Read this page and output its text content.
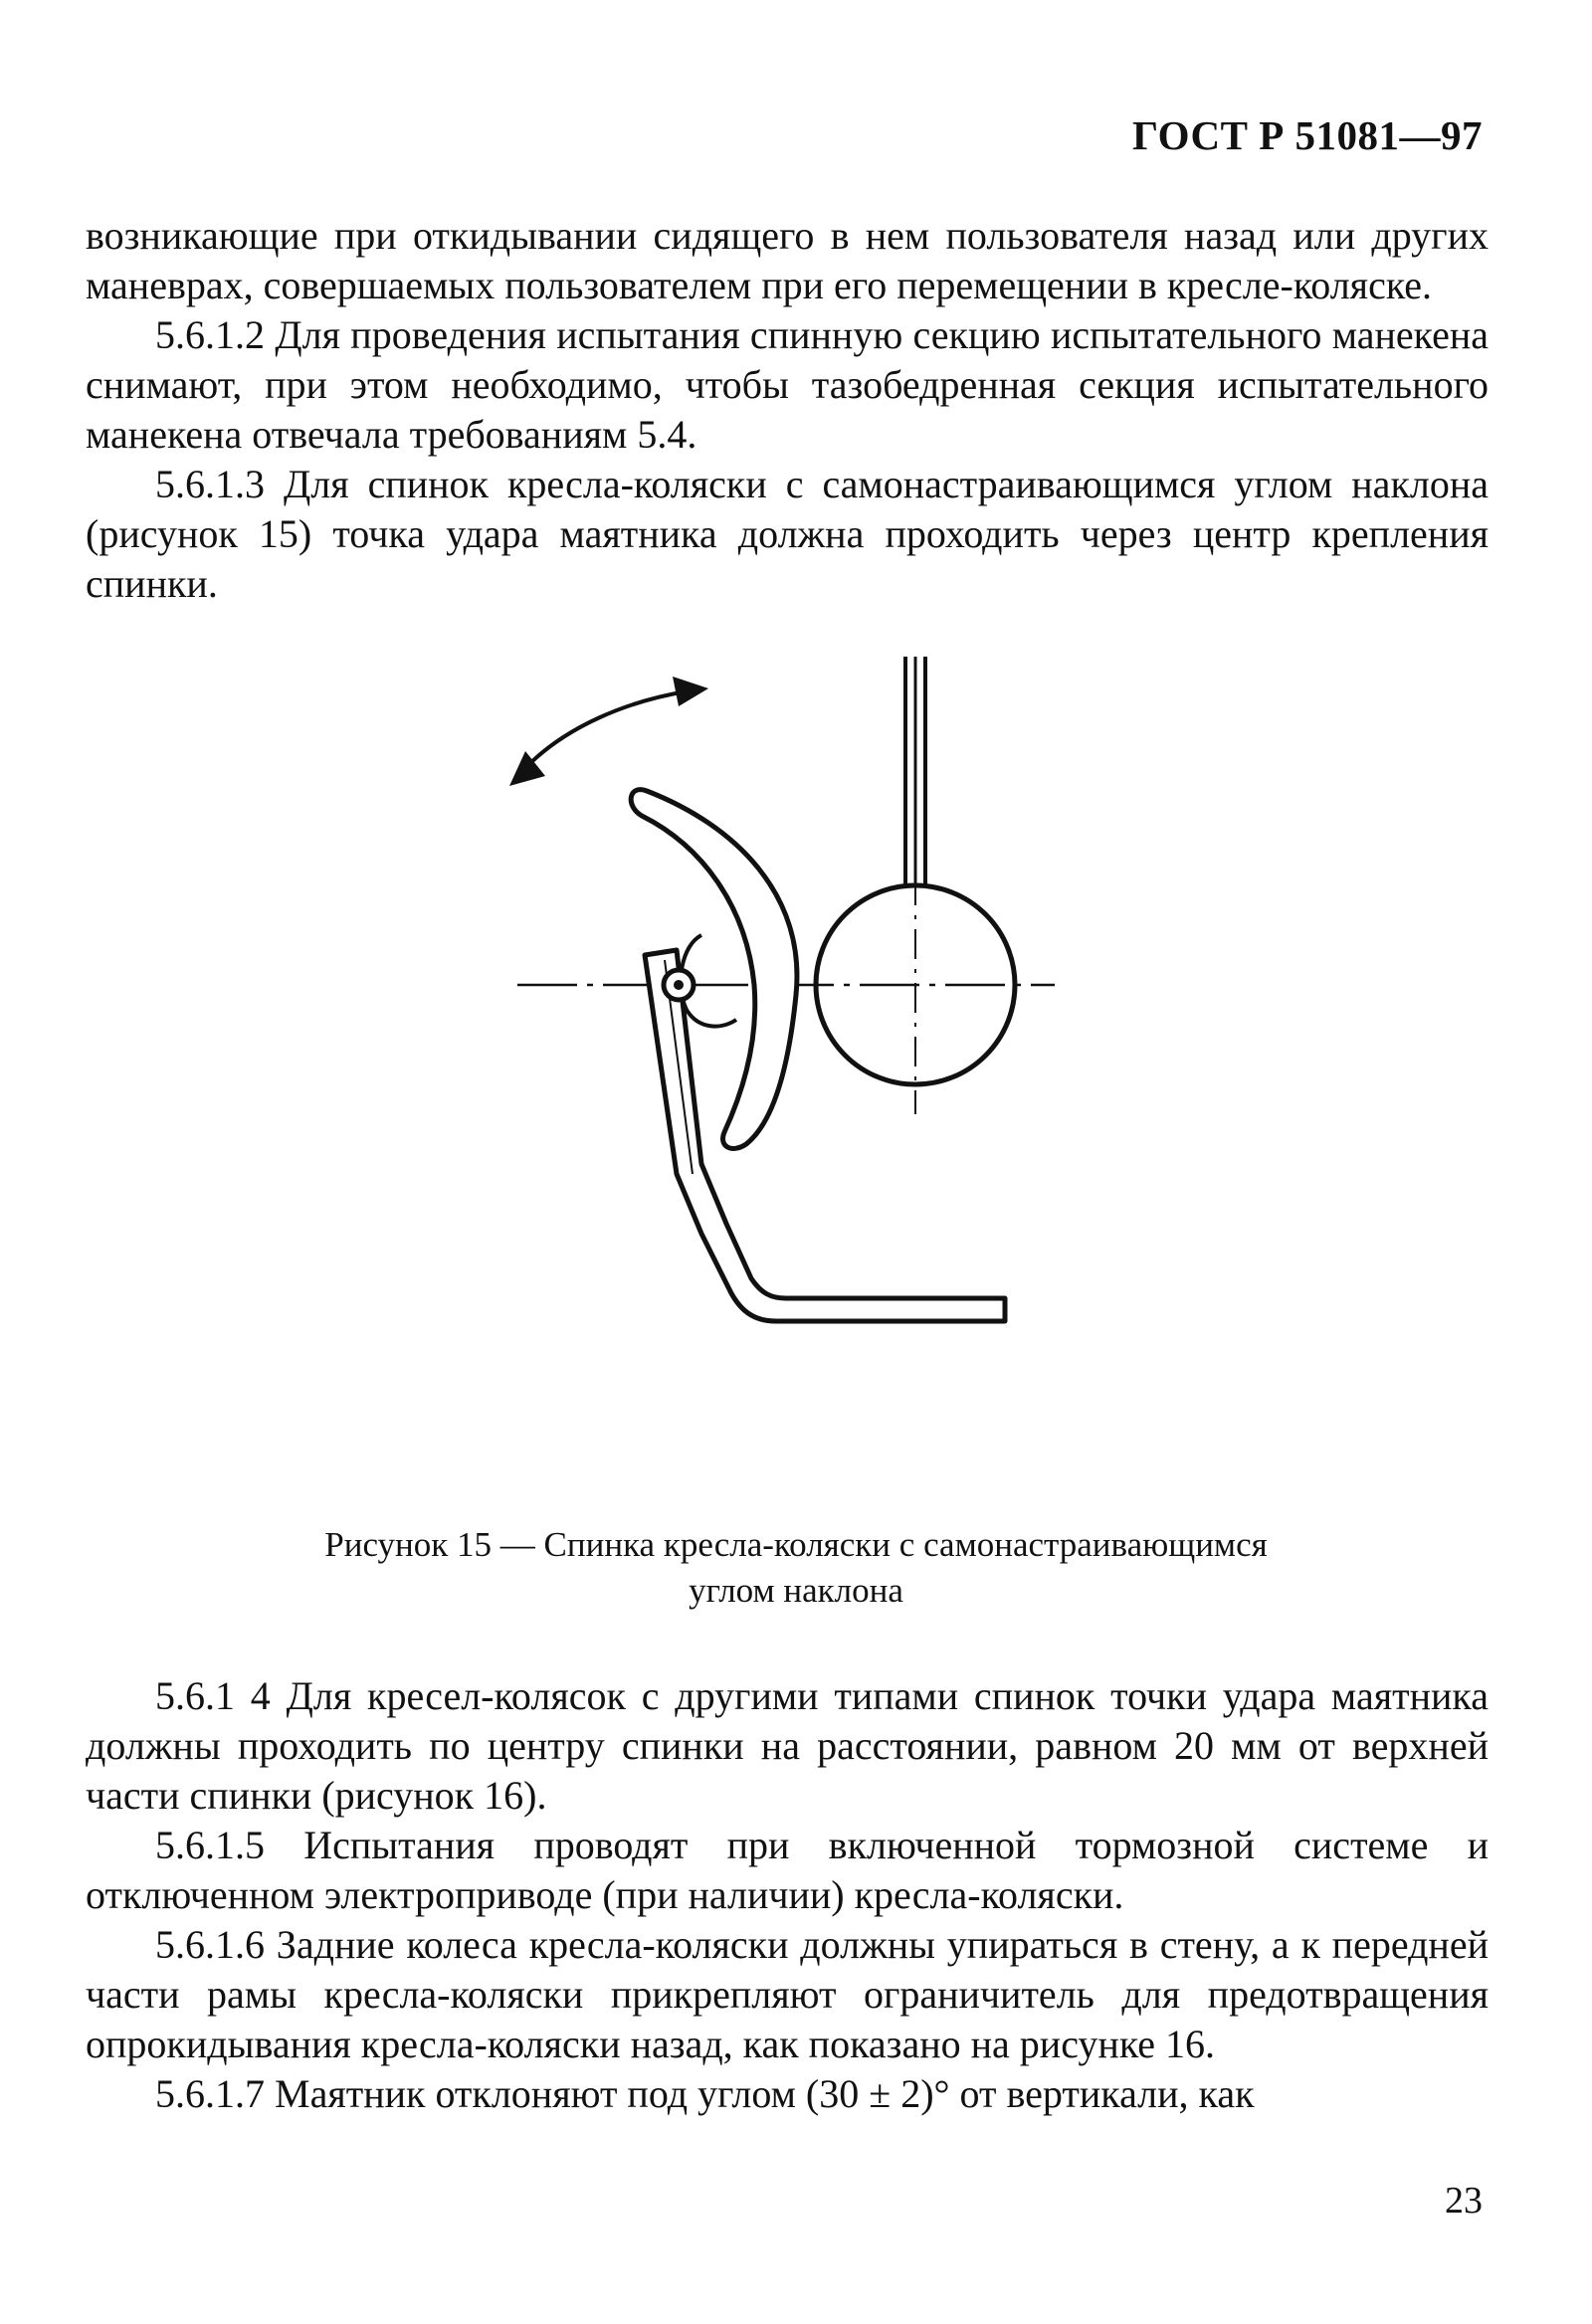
ГОСТ Р 51081—97

возникающие при откидывании сидящего в нем пользователя назад или других маневрах, совершаемых пользователем при его перемещении в кресле-коляске.

5.6.1.2 Для проведения испытания спинную секцию испытательного манекена снимают, при этом необходимо, чтобы тазобедренная секция испытательного манекена отвечала требованиям 5.4.

5.6.1.3 Для спинок кресла-коляски с самонастраивающимся углом наклона (рисунок 15) точка удара маятника должна проходить через центр крепления спинки.

Рисунок 15 — Спинка кресла-коляски с самонастраивающимся
углом наклона

5.6.1 4 Для кресел-колясок с другими типами спинок точки удара маятника должны проходить по центру спинки на расстоянии, равном 20 мм от верхней части спинки (рисунок 16).

5.6.1.5 Испытания проводят при включенной тормозной системе и отключенном электроприводе (при наличии) кресла-коляски.

5.6.1.6 Задние колеса кресла-коляски должны упираться в стену, а к передней части рамы кресла-коляски прикрепляют ограничитель для предотвращения опрокидывания кресла-коляски назад, как показано на рисунке 16.

5.6.1.7 Маятник отклоняют под углом (30 ± 2)° от вертикали, как

23
